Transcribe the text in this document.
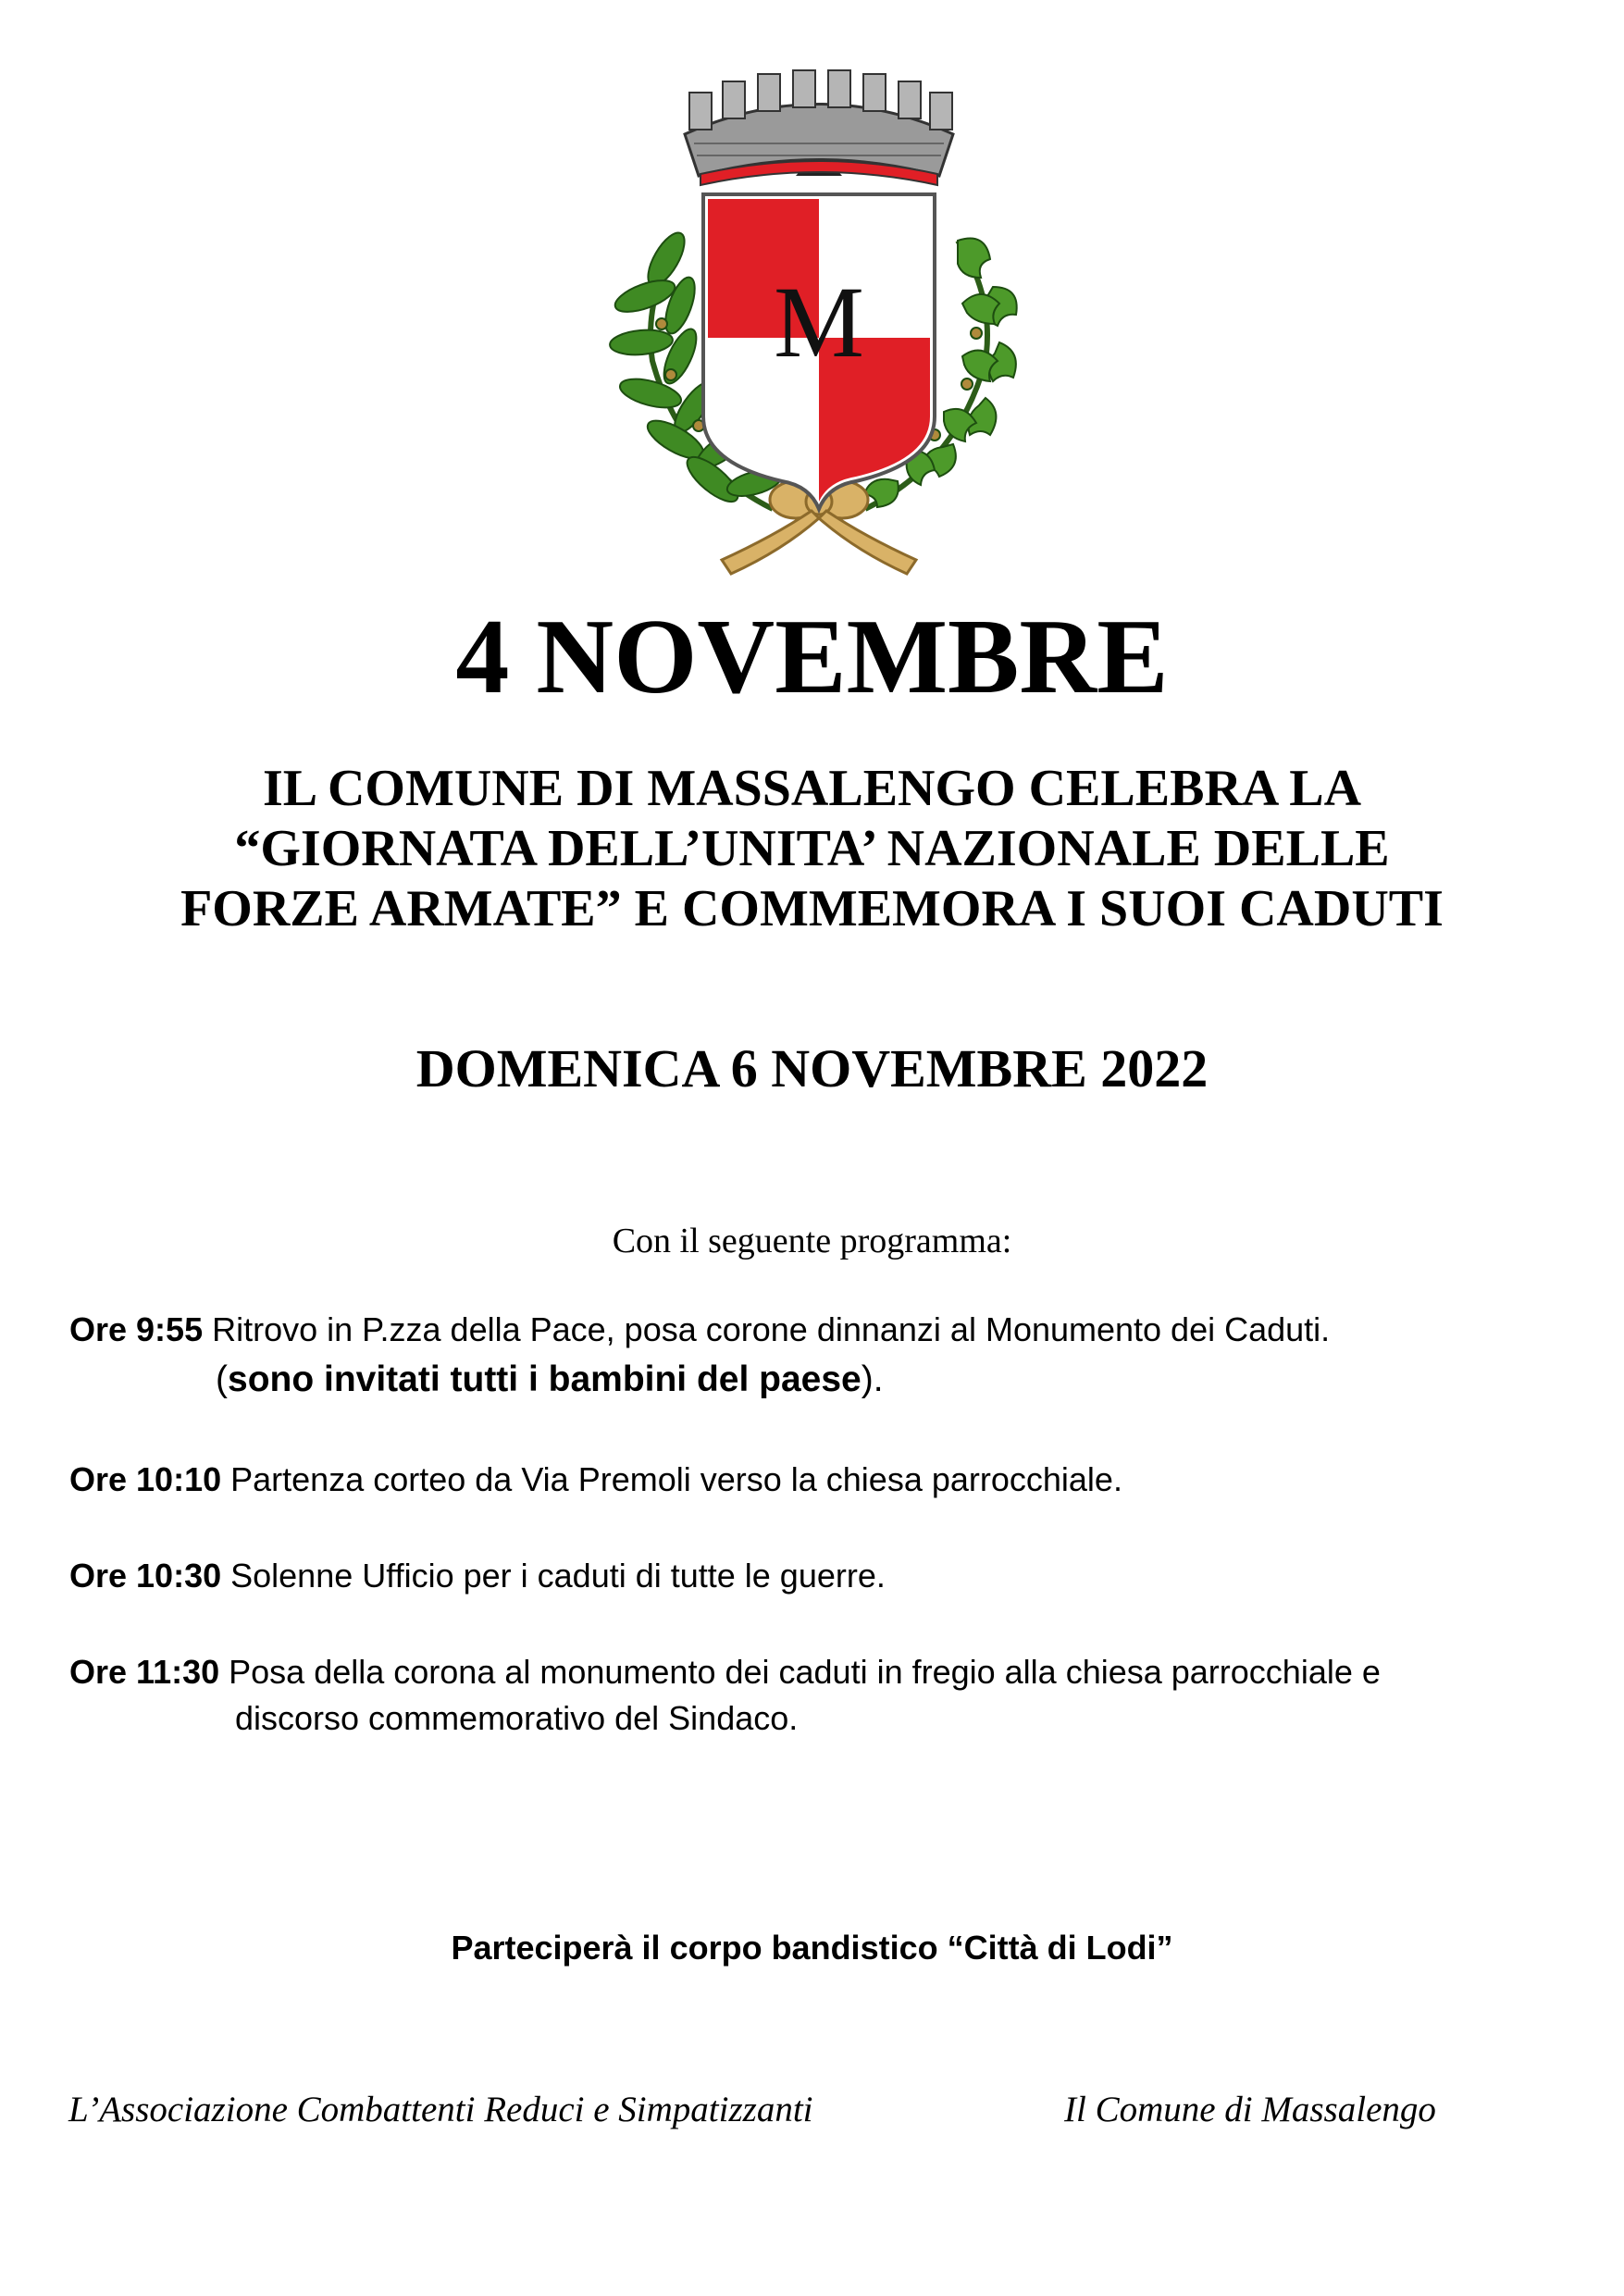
M
4 NOVEMBRE
IL COMUNE DI MASSALENGO CELEBRA LA
“GIORNATA DELL’UNITA’ NAZIONALE DELLE
FORZE ARMATE” E COMMEMORA I SUOI CADUTI
DOMENICA 6 NOVEMBRE 2022
Con il seguente programma:
Ore 9:55 Ritrovo in P.zza della Pace, posa corone dinnanzi al Monumento dei Caduti.
(sono invitati tutti i bambini del paese).
Ore 10:10 Partenza corteo da Via Premoli verso la chiesa parrocchiale.
Ore 10:30 Solenne Ufficio per i caduti di tutte le guerre.
Ore 11:30 Posa della corona al monumento dei caduti in fregio alla chiesa parrocchiale e
discorso commemorativo del Sindaco.
Parteciperà il corpo bandistico “Città di Lodi”
L’Associazione Combattenti Reduci e Simpatizzanti	Il Comune di Massalengo
